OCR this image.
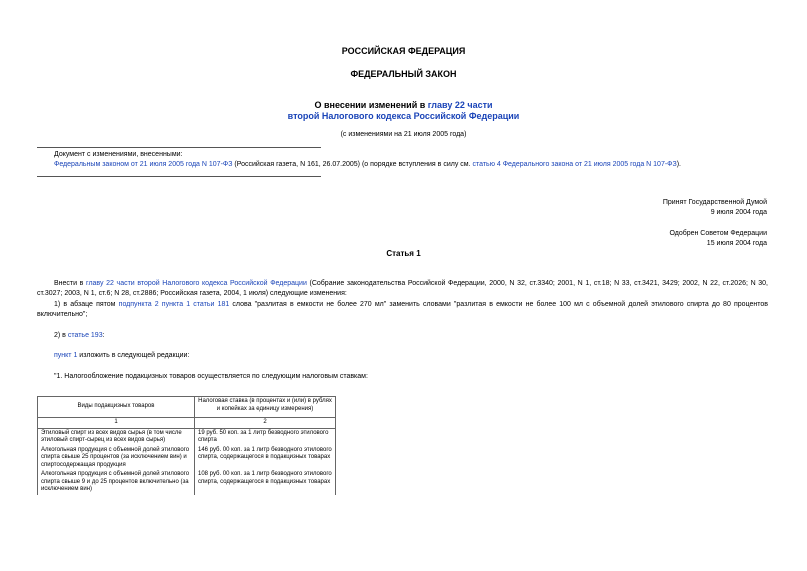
РОССИЙСКАЯ ФЕДЕРАЦИЯ
ФЕДЕРАЛЬНЫЙ ЗАКОН
О внесении изменений в главу 22 части
второй Налогового кодекса Российской Федерации
(с изменениями на 21 июля 2005 года)
Документ с изменениями, внесенными:
Федеральным законом от 21 июля 2005 года N 107-ФЗ (Российская газета, N 161, 26.07.2005) (о порядке вступления в силу см. статью 4 Федерального закона от 21 июля 2005 года N 107-ФЗ).
Принят Государственной Думой
9 июля 2004 года
Одобрен Советом Федерации
15 июля 2004 года
Статья 1
Внести в главу 22 части второй Налогового кодекса Российской Федерации (Собрание законодательства Российской Федерации, 2000, N 32, ст.3340; 2001, N 1, ст.18; N 33, ст.3421, 3429; 2002, N 22, ст.2026; N 30, ст.3027; 2003, N 1, ст.6; N 28, ст.2886; Российская газета, 2004, 1 июля) следующие изменения:
1) в абзаце пятом подпункта 2 пункта 1 статьи 181 слова "разлитая в емкости не более 270 мл" заменить словами "разлитая в емкости не более 100 мл с объемной долей этилового спирта до 80 процентов включительно";
2) в статье 193:
пункт 1 изложить в следующей редакции:
"1. Налогообложение подакцизных товаров осуществляется по следующим налоговым ставкам:
Виды подакцизных товаров	Налоговая ставка (в процентах и (или) в рублях и копейках за единицу измерения)
1	2
Этиловый спирт из всех видов сырья (в том числе этиловый спирт-сырец из всех видов сырья)	19 руб. 50 коп. за 1 литр безводного этилового спирта
Алкогольная продукция с объемной долей этилового спирта свыше 25 процентов (за исключением вин) и спиртосодержащая продукция	146 руб. 00 коп. за 1 литр безводного этилового спирта, содержащегося в подакцизных товарах
Алкогольная продукция с объемной долей этилового спирта свыше 9 и до 25 процентов включительно (за исключением вин)	108 руб. 00 коп. за 1 литр безводного этилового спирта, содержащегося в подакцизных товарах
